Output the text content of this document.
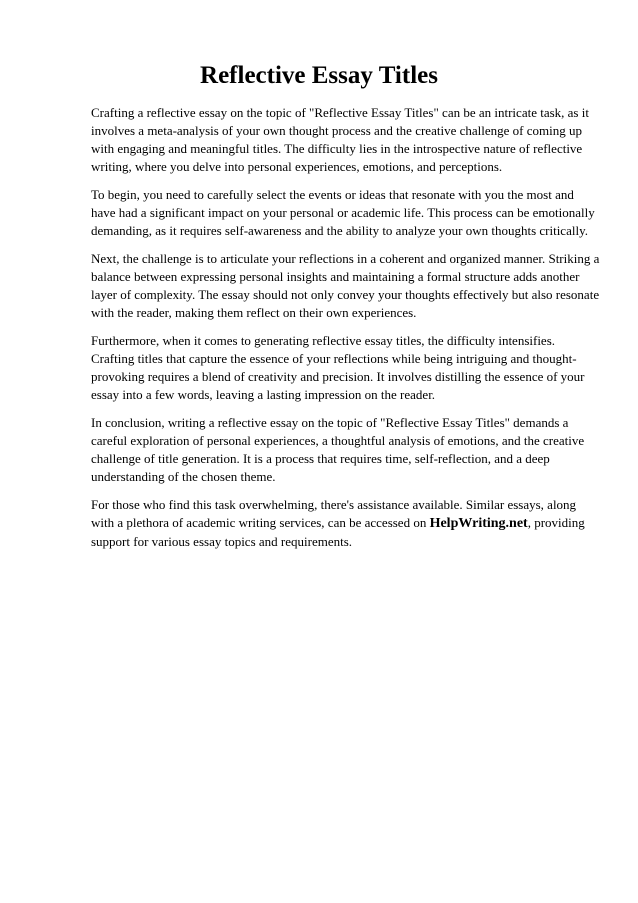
Reflective Essay Titles

Crafting a reflective essay on the topic of "Reflective Essay Titles" can be an intricate task, as it involves a meta-analysis of your own thought process and the creative challenge of coming up with engaging and meaningful titles. The difficulty lies in the introspective nature of reflective writing, where you delve into personal experiences, emotions, and perceptions.

To begin, you need to carefully select the events or ideas that resonate with you the most and have had a significant impact on your personal or academic life. This process can be emotionally demanding, as it requires self-awareness and the ability to analyze your own thoughts critically.

Next, the challenge is to articulate your reflections in a coherent and organized manner. Striking a balance between expressing personal insights and maintaining a formal structure adds another layer of complexity. The essay should not only convey your thoughts effectively but also resonate with the reader, making them reflect on their own experiences.

Furthermore, when it comes to generating reflective essay titles, the difficulty intensifies. Crafting titles that capture the essence of your reflections while being intriguing and thought-provoking requires a blend of creativity and precision. It involves distilling the essence of your essay into a few words, leaving a lasting impression on the reader.

In conclusion, writing a reflective essay on the topic of "Reflective Essay Titles" demands a careful exploration of personal experiences, a thoughtful analysis of emotions, and the creative challenge of title generation. It is a process that requires time, self-reflection, and a deep understanding of the chosen theme.

For those who find this task overwhelming, there's assistance available. Similar essays, along with a plethora of academic writing services, can be accessed on HelpWriting.net, providing support for various essay topics and requirements.
